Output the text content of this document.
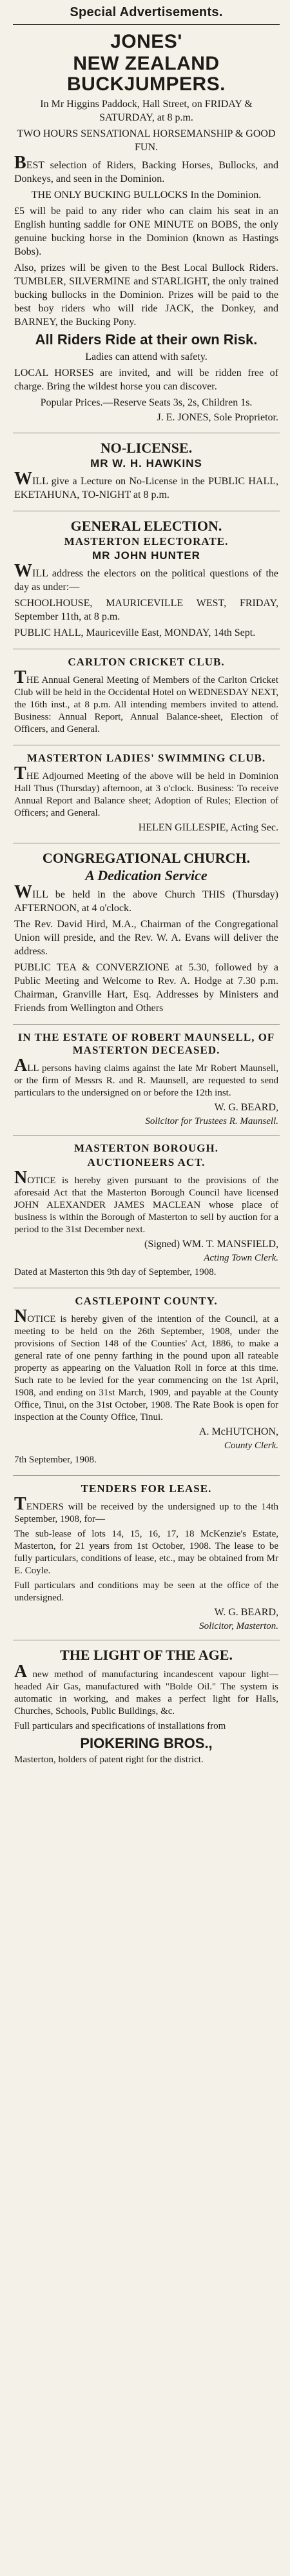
Special Advertisements.
JONES'
NEW ZEALAND BUCKJUMPERS.

In Mr Higgins Paddock, Hall Street, on FRIDAY & SATURDAY, at 8 p.m.

TWO HOURS SENSATIONAL HORSEMANSHIP & GOOD FUN.

BEST selection of Riders, Backing Horses, Bullocks, and Donkeys, and seen in the Dominion.

THE ONLY BUCKING BULLOCKS In the Dominion.

£5 will be paid to any rider who can claim his seat in an English hunting saddle for ONE MINUTE on BOBS, the only genuine bucking horse in the Dominion (known as Hastings Bobs).

Also, prizes will be given to the Best Local Bullock Riders. TUMBLER, SILVERMINE and STARLIGHT, the only trained bucking bullocks in the Dominion. Prizes will be paid to the best boy riders who will ride JACK, the Donkey, and BARNEY, the Bucking Pony.

All Riders Ride at their own Risk.

Ladies can attend with safety.

LOCAL HORSES are invited, and will be ridden free of charge. Bring the wildest horse you can discover.

Popular Prices.—Reserve Seats 3s, 2s, Children 1s.

J. E. JONES, Sole Proprietor.
NO-LICENSE.
MR W. H. HAWKINS

WILL give a Lecture on No-License in the PUBLIC HALL, EKETAHUNA, TO-NIGHT at 8 p.m.

GENERAL ELECTION.
MASTERTON ELECTORATE.
MR JOHN HUNTER

WILL address the electors on the political questions of the day as under:—

SCHOOLHOUSE, MAURICEVILLE WEST, FRIDAY, September 11th, at 8 p.m.

PUBLIC HALL, Mauriceville East, MONDAY, 14th Sept.

CARLTON CRICKET CLUB.

THE Annual General Meeting of Members of the Carlton Cricket Club will be held in the Occidental Hotel on WEDNESDAY NEXT, the 16th inst., at 8 p.m. All intending members invited to attend. Business: Annual Report, Annual Balance-sheet, Election of Officers, and General.

MASTERTON LADIES' SWIMMING CLUB.

THE Adjourned Meeting of the above will be held in Dominion Hall Thus (Thursday) afternoon, at 3 o'clock. Business: To receive Annual Report and Balance sheet; Adoption of Rules; Election of Officers; and General.

HELEN GILLESPIE, Acting Sec.
CONGREGATIONAL CHURCH.
A Dedication Service

WILL be held in the above Church THIS (Thursday) AFTERNOON, at 4 o'clock.

The Rev. David Hird, M.A., Chairman of the Congregational Union will preside, and the Rev. W. A. Evans will deliver the address.

PUBLIC TEA & CONVERZIONE at 5.30, followed by a Public Meeting and Welcome to Rev. A. Hodge at 7.30 p.m. Chairman, Granville Hart, Esq. Addresses by Ministers and Friends from Wellington and Others

IN THE ESTATE OF ROBERT MAUNSELL, OF MASTERTON DECEASED.

ALL persons having claims against the late Mr Robert Maunsell, or the firm of Messrs R. and R. Maunsell, are requested to send particulars to the undersigned on or before the 12th inst.

W. G. BEARD,
Solicitor for Trustees R. Maunsell.
MASTERTON BOROUGH.
AUCTIONEERS ACT.

NOTICE is hereby given pursuant to the provisions of the aforesaid Act that the Masterton Borough Council have licensed JOHN ALEXANDER JAMES MACLEAN whose place of business is within the Borough of Masterton to sell by auction for a period to the 31st December next.

(Signed) WM. T. MANSFIELD,
Acting Town Clerk.

Dated at Masterton this 9th day of September, 1908.

CASTLEPOINT COUNTY.

NOTICE is hereby given of the intention of the Council, at a meeting to be held on the 26th September, 1908, under the provisions of Section 148 of the Counties' Act, 1886, to make a general rate of one penny farthing in the pound upon all rateable property as appearing on the Valuation Roll in force at this time. Such rate to be levied for the year commencing on the 1st April, 1908, and ending on 31st March, 1909, and payable at the County Office, Tinui, on the 31st October, 1908. The Rate Book is open for inspection at the County Office, Tinui.

A. McHUTCHON,
County Clerk.

7th September, 1908.

TENDERS FOR LEASE.

TENDERS will be received by the undersigned up to the 14th September, 1908, for—

The sub-lease of lots 14, 15, 16, 17, 18 McKenzie's Estate, Masterton, for 21 years from 1st October, 1908. The lease to be fully particulars, conditions of lease, etc., may be obtained from Mr E. Coyle.

Full particulars and conditions may be seen at the office of the undersigned.

W. G. BEARD,
Solicitor, Masterton.
THE LIGHT OF THE AGE.

A new method of manufacturing incandescent vapour light—headed Air Gas, manufactured with "Bolde Oil." The system is automatic in working, and makes a perfect light for Halls, Churches, Schools, Public Buildings, &c.

Full particulars and specifications of installations from

PIOKERING BROS.,

Masterton, holders of patent right for the district.
